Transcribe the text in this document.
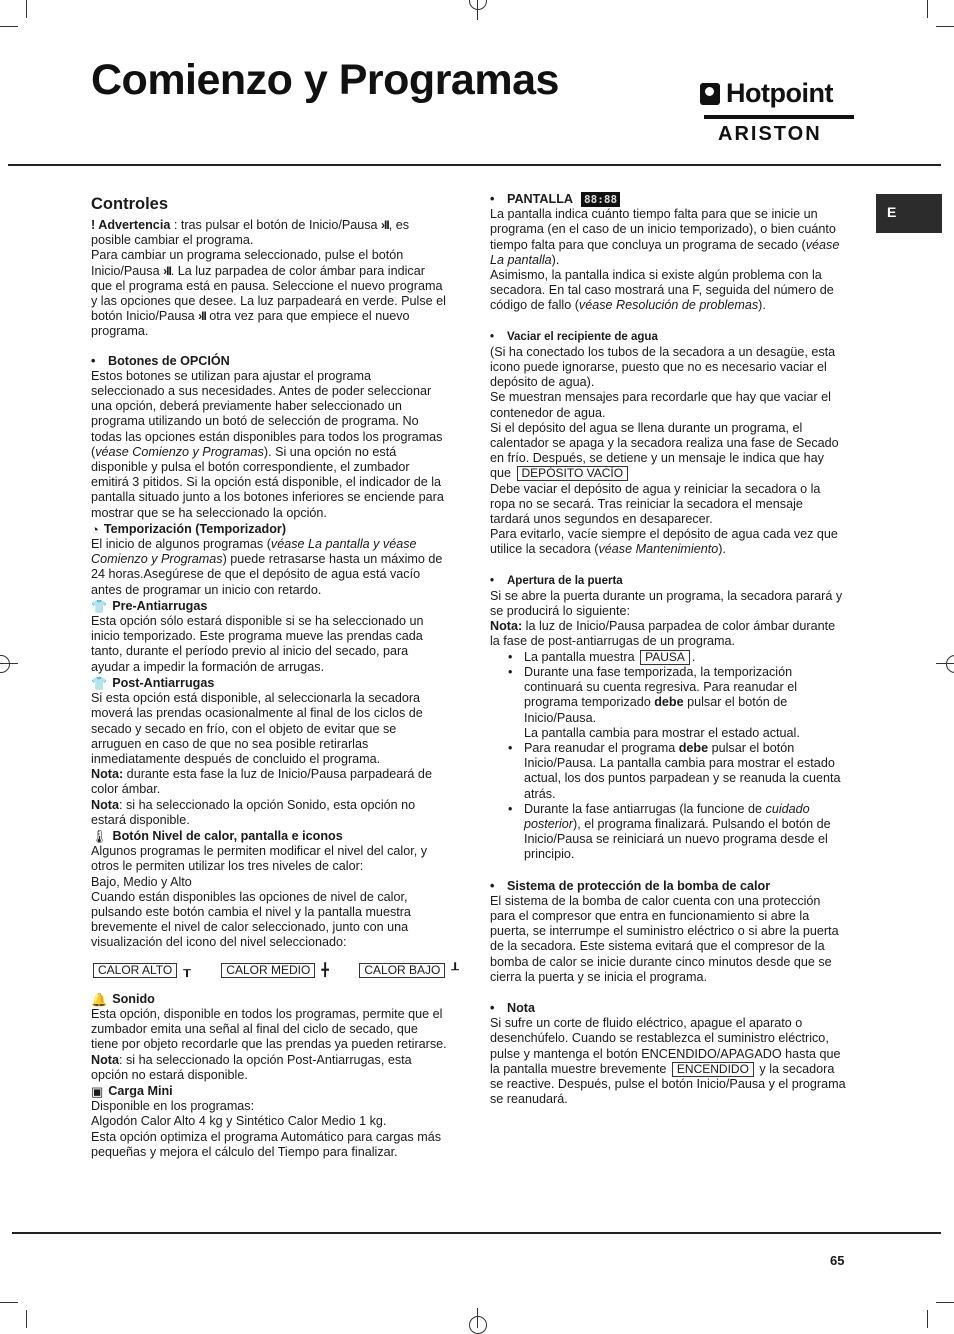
Comienzo y Programas	Hotpoint
ARISTON
E

Controles

! Advertencia : tras pulsar el botón de Inicio/Pausa ›II, es posible cambiar el programa.

Para cambiar un programa seleccionado, pulse el botón Inicio/Pausa ›II. La luz parpadea de color ámbar para indicar que el programa está en pausa. Seleccione el nuevo programa y las opciones que desee. La luz parpadeará en verde. Pulse el botón Inicio/Pausa ›II otra vez para que empiece el nuevo programa.

• Botones de OPCIÓN

Estos botones se utilizan para ajustar el programa seleccionado a sus necesidades. Antes de poder seleccionar una opción, deberá previamente haber seleccionado un programa utilizando un botó de selección de programa. No todas las opciones están disponibles para todos los programas (véase Comienzo y Programas). Si una opción no está disponible y pulsa el botón correspondiente, el zumbador emitirá 3 pitidos. Si la opción está disponible, el indicador de la pantalla situado junto a los botones inferiores se enciende para mostrar que se ha seleccionado la opción.

◔ Temporización (Temporizador)

El inicio de algunos programas (véase La pantalla y véase Comienzo y Programas) puede retrasarse hasta un máximo de 24 horas.Asegúrese de que el depósito de agua está vacío antes de programar un inicio con retardo.

👕 Pre-Antiarrugas

Esta opción sólo estará disponible si se ha seleccionado un inicio temporizado. Este programa mueve las prendas cada tanto, durante el período previo al inicio del secado, para ayudar a impedir la formación de arrugas.

👕 Post-Antiarrugas

Si esta opción está disponible, al seleccionarla la secadora moverá las prendas ocasionalmente al final de los ciclos de secado y secado en frío, con el objeto de evitar que se arruguen en caso de que no sea posible retirarlas inmediatamente después de concluido el programa.

Nota: durante esta fase la luz de Inicio/Pausa parpadeará de color ámbar.

Nota: si ha seleccionado la opción Sonido, esta opción no estará disponible.

🌡 Botón Nivel de calor, pantalla e iconos

Algunos programas le permiten modificar el nivel del calor, y otros le permiten utilizar los tres niveles de calor:

Bajo, Medio y Alto

Cuando están disponibles las opciones de nivel de calor, pulsando este botón cambia el nivel y la pantalla muestra brevemente el nivel de calor seleccionado, junto con una visualización del icono del nivel seleccionado:

CALOR ALTO ┰	CALOR MEDIO ╋	CALOR BAJO ┸

🔔 Sonido

Esta opción, disponible en todos los programas, permite que el zumbador emita una señal al final del ciclo de secado, que tiene por objeto recordarle que las prendas ya pueden retirarse.

Nota: si ha seleccionado la opción Post-Antiarrugas, esta opción no estará disponible.

▣ Carga Mini

Disponible en los programas:

Algodón Calor Alto 4 kg y Sintético Calor Medio 1 kg.

Esta opción optimiza el programa Automático para cargas más pequeñas y mejora el cálculo del Tiempo para finalizar.

• PANTALLA 88:88

La pantalla indica cuánto tiempo falta para que se inicie un programa (en el caso de un inicio temporizado), o bien cuánto tiempo falta para que concluya un programa de secado (véase La pantalla).

Asimismo, la pantalla indica si existe algún problema con la secadora. En tal caso mostrará una F, seguida del número de código de fallo (véase Resolución de problemas).

• Vaciar el recipiente de agua

(Si ha conectado los tubos de la secadora a un desagüe, esta icono puede ignorarse, puesto que no es necesario vaciar el depósito de agua).

Se muestran mensajes para recordarle que hay que vaciar el contenedor de agua.

Si el depósito del agua se llena durante un programa, el calentador se apaga y la secadora realiza una fase de Secado en frío. Después, se detiene y un mensaje le indica que hay que DEPÓSITO VACÍO

Debe vaciar el depósito de agua y reiniciar la secadora o la ropa no se secará. Tras reiniciar la secadora el mensaje tardará unos segundos en desaparecer.

Para evitarlo, vacíe siempre el depósito de agua cada vez que utilice la secadora (véase Mantenimiento).

• Apertura de la puerta

Si se abre la puerta durante un programa, la secadora parará y se producirá lo siguiente:

Nota: la luz de Inicio/Pausa parpadea de color ámbar durante la fase de post-antiarrugas de un programa.

• La pantalla muestra PAUSA .
• Durante una fase temporizada, la temporización continuará su cuenta regresiva. Para reanudar el programa temporizado debe pulsar el botón de Inicio/Pausa.
La pantalla cambia para mostrar el estado actual.
• Para reanudar el programa debe pulsar el botón Inicio/Pausa. La pantalla cambia para mostrar el estado actual, los dos puntos parpadean y se reanuda la cuenta atrás.
• Durante la fase antiarrugas (la funcione de cuidado posterior), el programa finalizará. Pulsando el botón de Inicio/Pausa se reiniciará un nuevo programa desde el principio.

• Sistema de protección de la bomba de calor

El sistema de la bomba de calor cuenta con una protección para el compresor que entra en funcionamiento si abre la puerta, se interrumpe el suministro eléctrico o si abre la puerta de la secadora. Este sistema evitará que el compresor de la bomba de calor se inicie durante cinco minutos desde que se cierra la puerta y se inicia el programa.

• Nota

Si sufre un corte de fluido eléctrico, apague el aparato o desenchúfelo. Cuando se restablezca el suministro eléctrico, pulse y mantenga el botón ENCENDIDO/APAGADO hasta que la pantalla muestre brevemente ENCENDIDO y la secadora se reactive. Después, pulse el botón Inicio/Pausa y el programa se reanudará.

65
